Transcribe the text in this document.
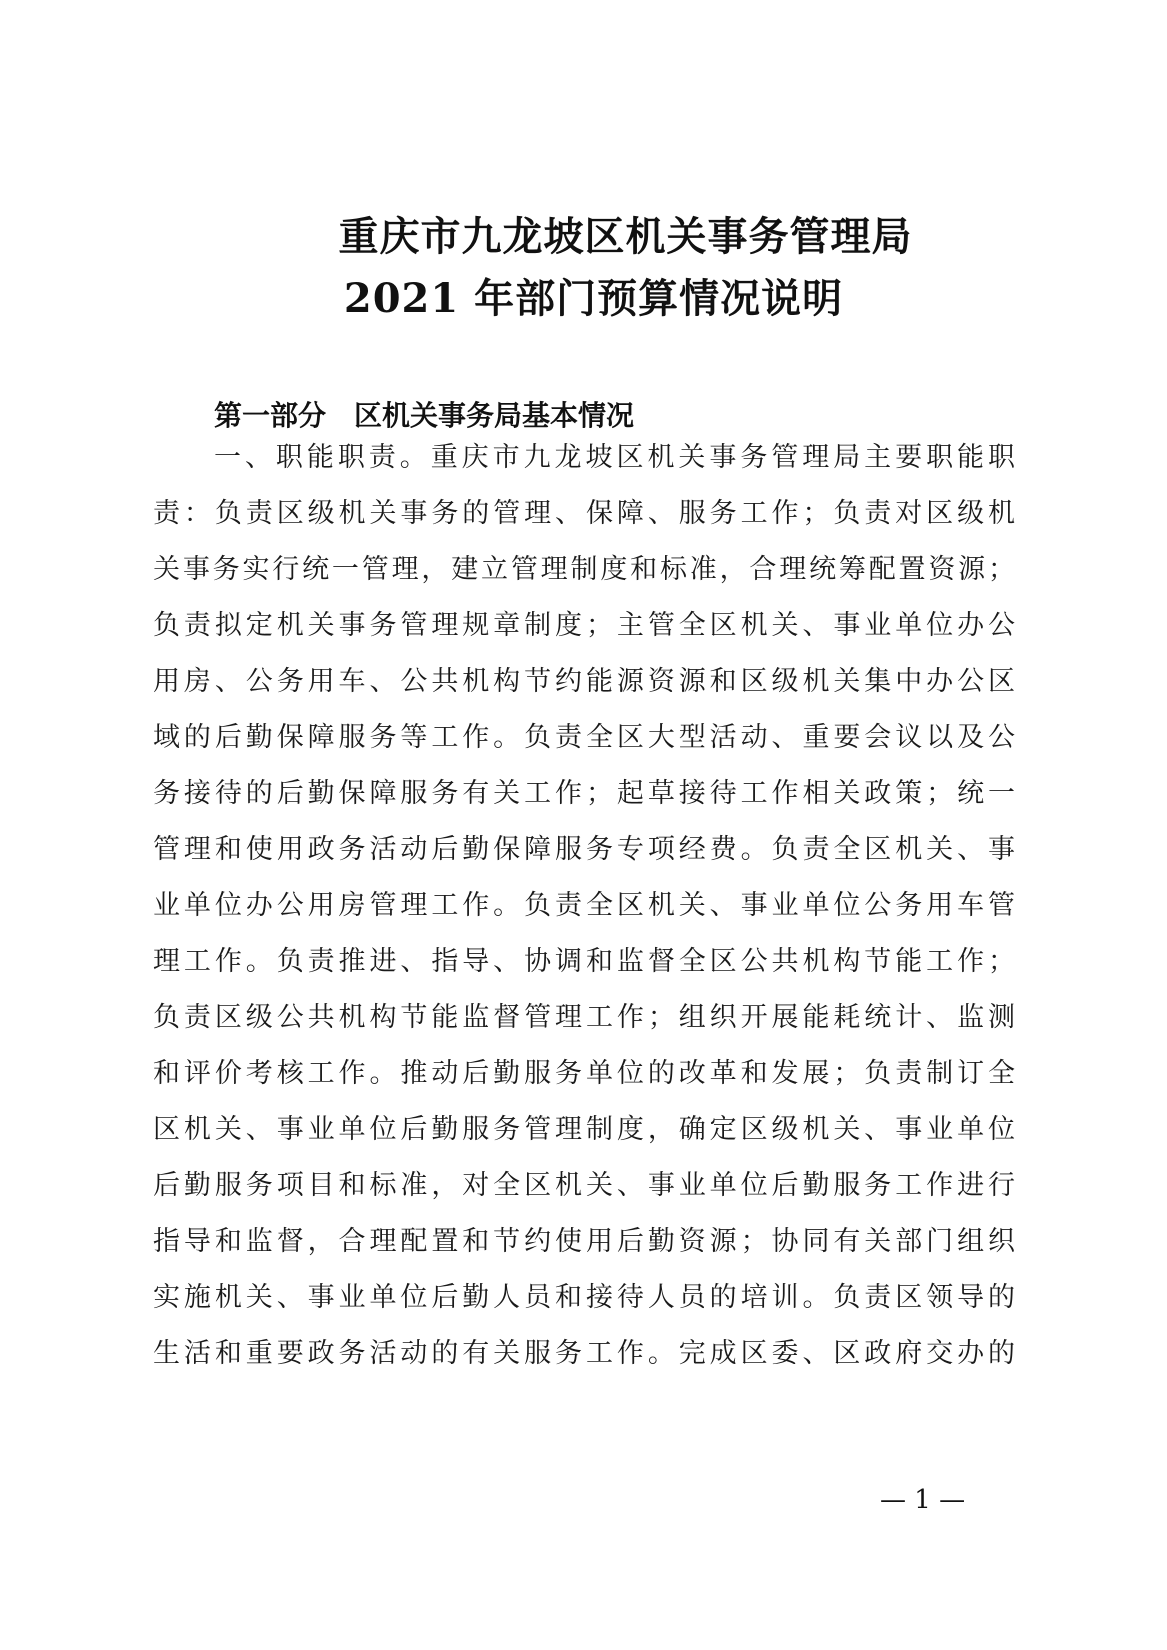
重庆市九龙坡区机关事务管理局
2021 年部门预算情况说明
第一部分　区机关事务局基本情况
一、职能职责。重庆市九龙坡区机关事务管理局主要职能职
责：负责区级机关事务的管理、保障、服务工作；负责对区级机
关事务实行统一管理，建立管理制度和标准，合理统筹配置资源；
负责拟定机关事务管理规章制度；主管全区机关、事业单位办公
用房、公务用车、公共机构节约能源资源和区级机关集中办公区
域的后勤保障服务等工作。负责全区大型活动、重要会议以及公
务接待的后勤保障服务有关工作；起草接待工作相关政策；统一
管理和使用政务活动后勤保障服务专项经费。负责全区机关、事
业单位办公用房管理工作。负责全区机关、事业单位公务用车管
理工作。负责推进、指导、协调和监督全区公共机构节能工作；
负责区级公共机构节能监督管理工作；组织开展能耗统计、监测
和评价考核工作。推动后勤服务单位的改革和发展；负责制订全
区机关、事业单位后勤服务管理制度，确定区级机关、事业单位
后勤服务项目和标准，对全区机关、事业单位后勤服务工作进行
指导和监督，合理配置和节约使用后勤资源；协同有关部门组织
实施机关、事业单位后勤人员和接待人员的培训。负责区领导的
生活和重要政务活动的有关服务工作。完成区委、区政府交办的
— 1 —
